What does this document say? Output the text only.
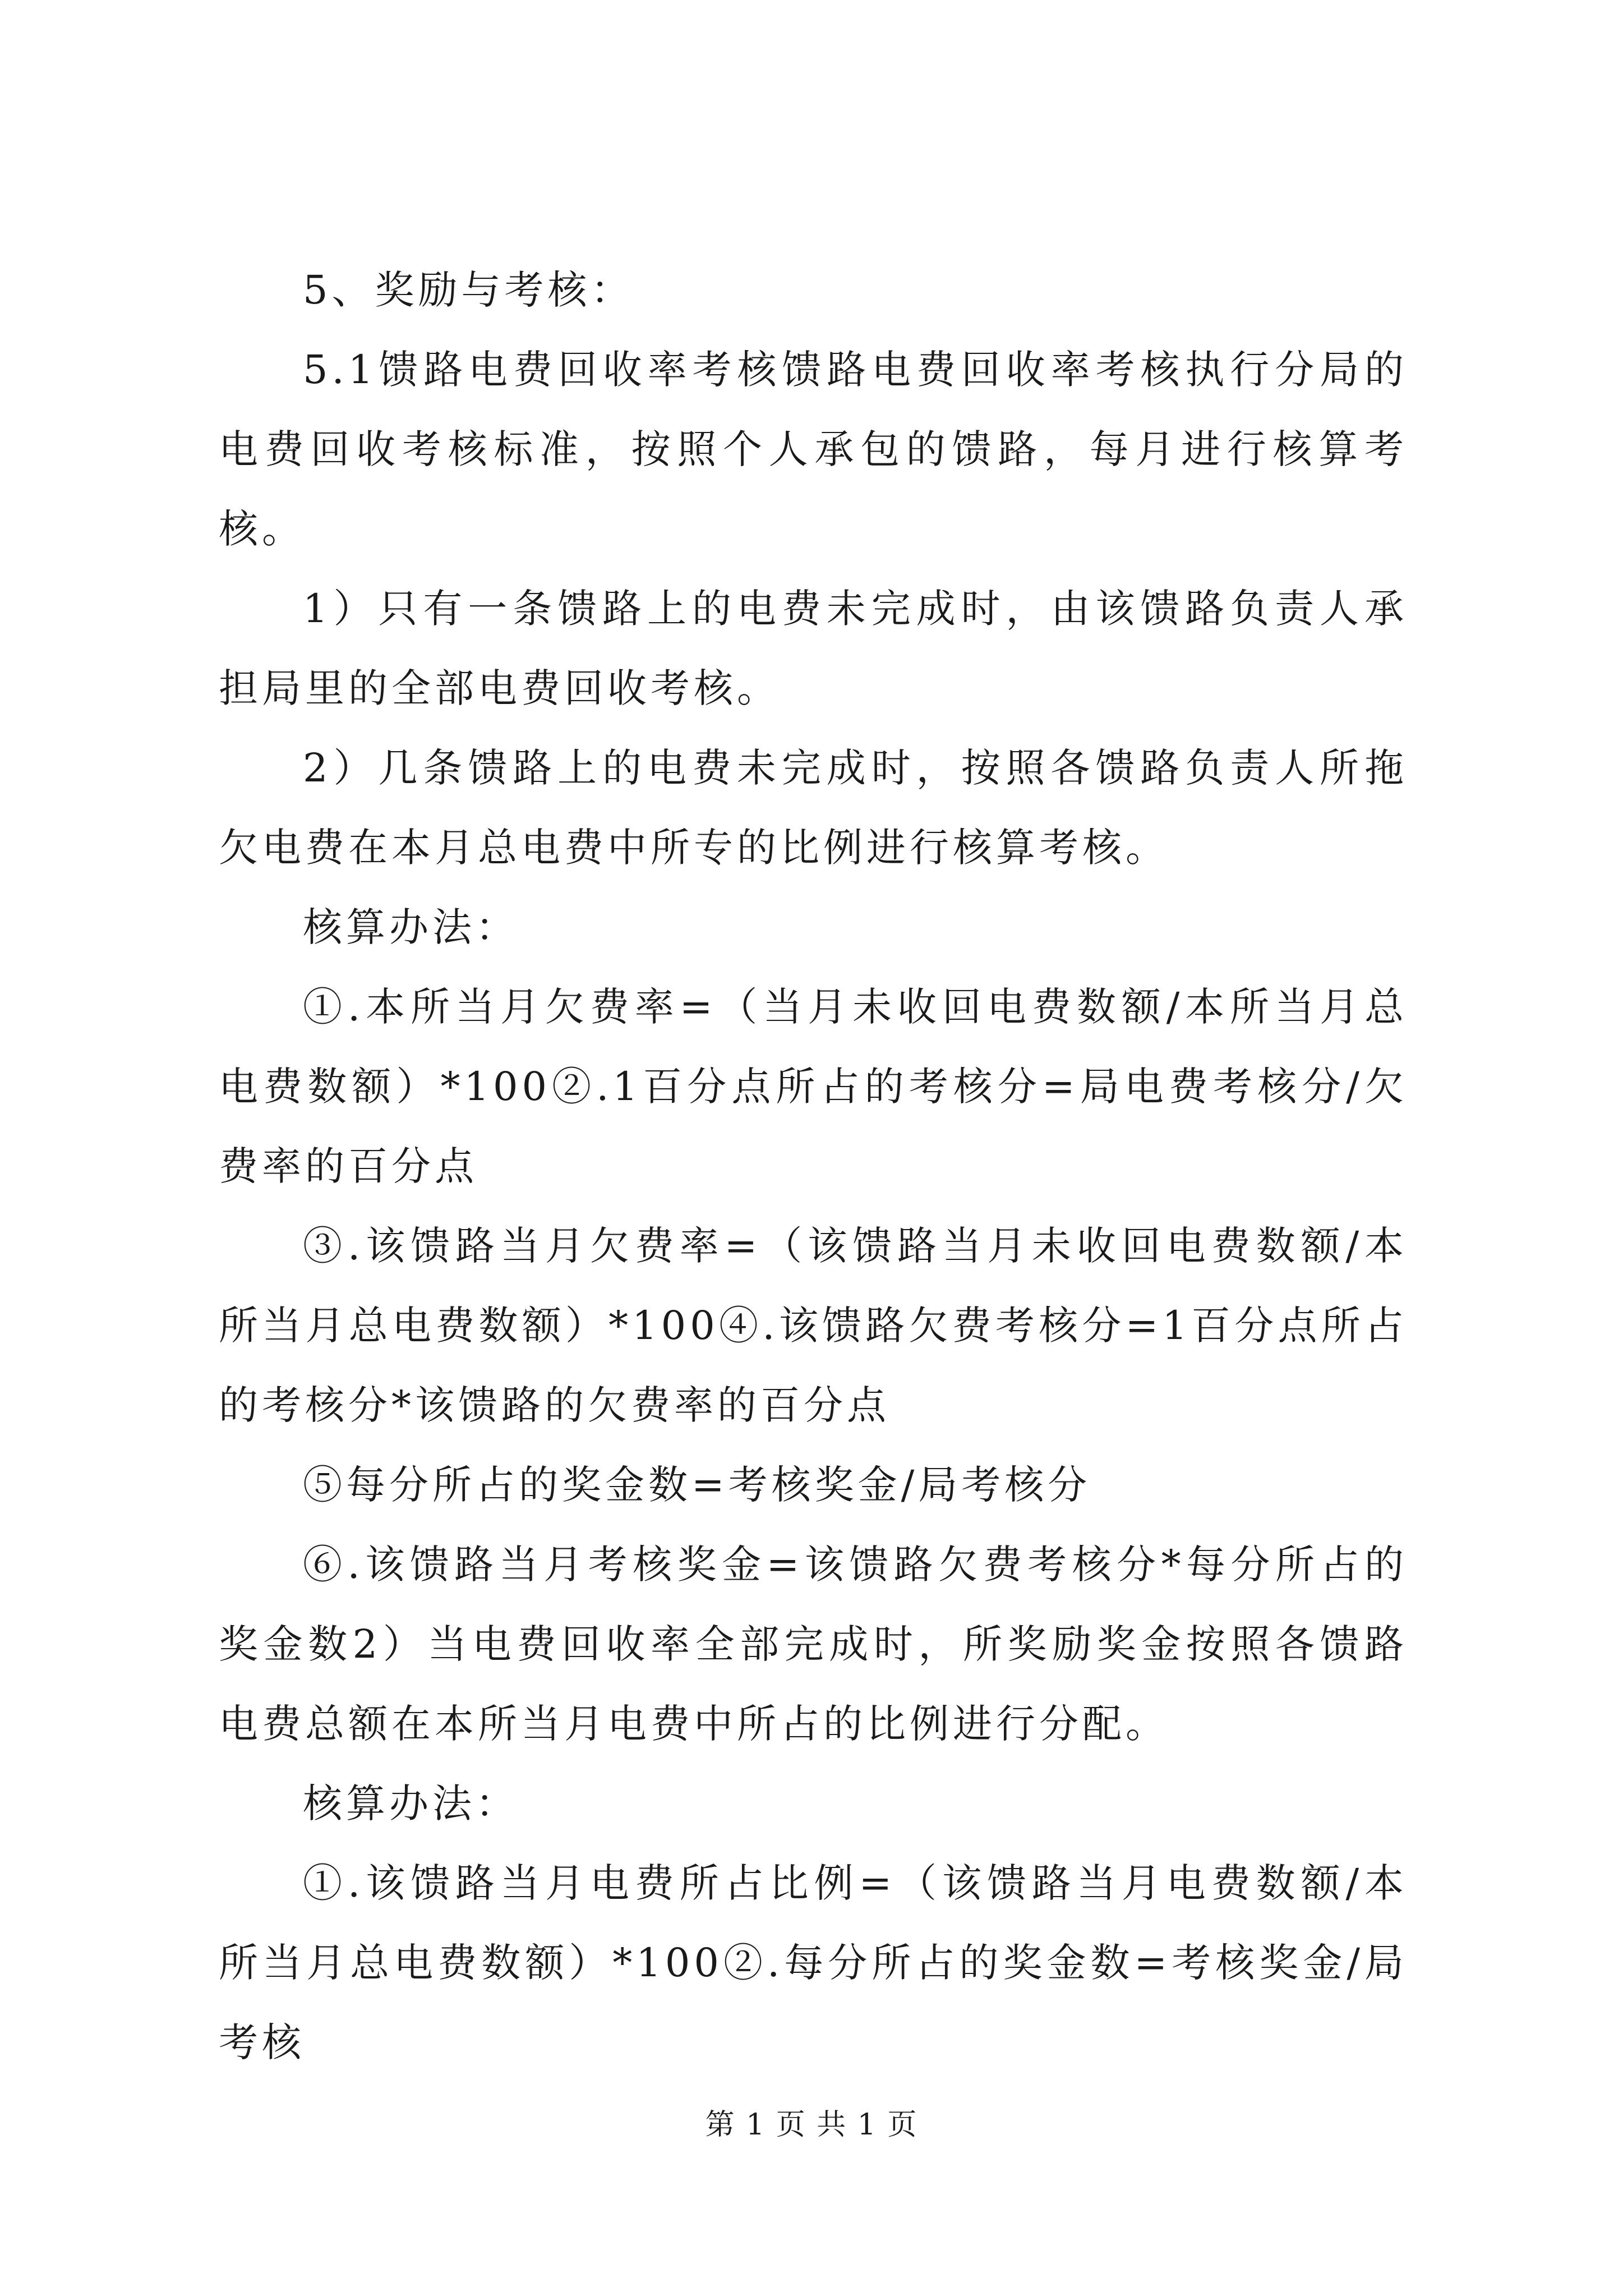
5、奖励与考核：

5.1馈路电费回收率考核馈路电费回收率考核执行分局的电费回收考核标准，按照个人承包的馈路，每月进行核算考核。

1）只有一条馈路上的电费未完成时，由该馈路负责人承担局里的全部电费回收考核。

2）几条馈路上的电费未完成时，按照各馈路负责人所拖欠电费在本月总电费中所专的比例进行核算考核。

核算办法：

①.本所当月欠费率=（当月未收回电费数额/本所当月总电费数额）*100②.1百分点所占的考核分=局电费考核分/欠费率的百分点

③.该馈路当月欠费率=（该馈路当月未收回电费数额/本所当月总电费数额）*100④.该馈路欠费考核分=1百分点所占的考核分*该馈路的欠费率的百分点

⑤每分所占的奖金数=考核奖金/局考核分

⑥.该馈路当月考核奖金=该馈路欠费考核分*每分所占的奖金数2）当电费回收率全部完成时，所奖励奖金按照各馈路电费总额在本所当月电费中所占的比例进行分配。

核算办法：

①.该馈路当月电费所占比例=（该馈路当月电费数额/本所当月总电费数额）*100②.每分所占的奖金数=考核奖金/局考核

第 1 页 共 1 页
